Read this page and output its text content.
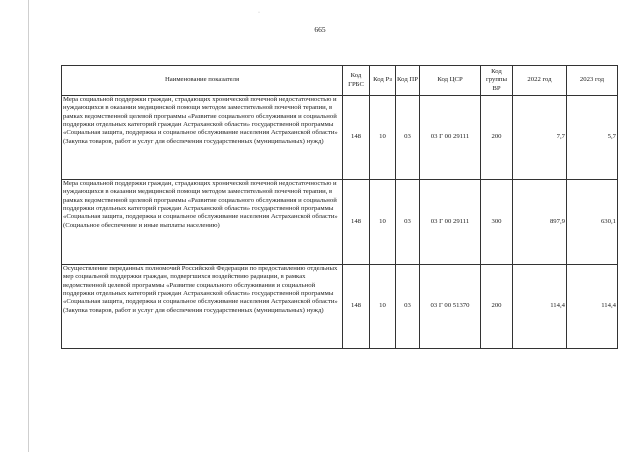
·
665
Наименование показателя	Код ГРБС	Код Рз	Код ПР	Код ЦСР	Код группы ВР	2022 год	2023 год
Мера социальной поддержки граждан, страдающих хронической почечной недостаточностью и нуждающихся в оказании медицинской помощи методом заместительной почечной терапии, в рамках ведомственной целевой программы «Развитие социального обслуживания и социальной поддержки отдельных категорий граждан Астраханской области» государственной программы «Социальная защита, поддержка и социальное обслуживание населения Астраханской области» (Закупка товаров, работ и услуг для обеспечения государственных (муниципальных) нужд)	148	10	03	03 Г 00 29111	200	7,7	5,7
Мера социальной поддержки граждан, страдающих хронической почечной недостаточностью и нуждающихся в оказании медицинской помощи методом заместительной почечной терапии, в рамках ведомственной целевой программы «Развитие социального обслуживания и социальной поддержки отдельных категорий граждан Астраханской области» государственной программы «Социальная защита, поддержка и социальное обслуживание населения Астраханской области» (Социальное обеспечение и иные выплаты населению)	148	10	03	03 Г 00 29111	300	897,9	630,1
Осуществление переданных полномочий Российской Федерации по предоставлению отдельных мер социальной поддержки граждан, подвергшихся воздействию радиации, в рамках ведомственной целевой программы «Развитие социального обслуживания и социальной поддержки отдельных категорий граждан Астраханской области» государственной программы «Социальная защита, поддержка и социальное обслуживание населения Астраханской области» (Закупка товаров, работ и услуг для обеспечения государственных (муниципальных) нужд)	148	10	03	03 Г 00 51370	200	114,4	114,4
